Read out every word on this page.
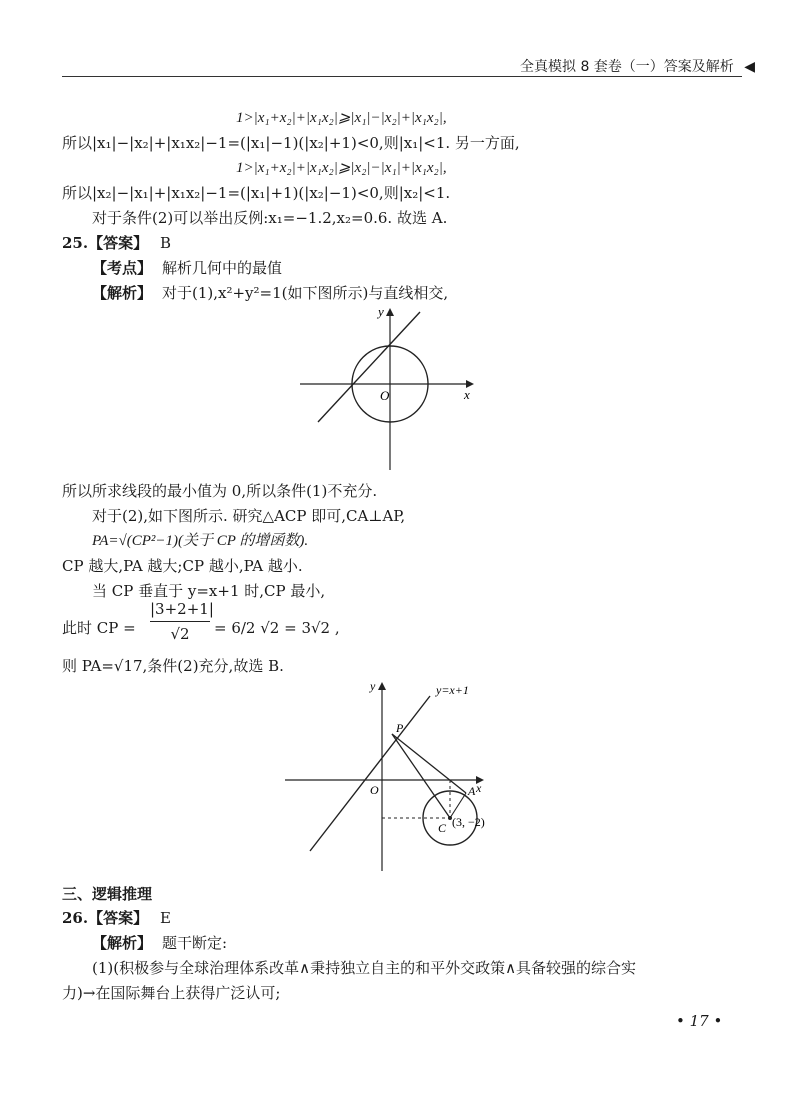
全真模拟 8 套卷（一）答案及解析 ◀
1>|x₁+x₂|+|x₁x₂|⩾|x₁|−|x₂|+|x₁x₂|,
所以|x₁|−|x₂|+|x₁x₂|−1=(|x₁|−1)(|x₂|+1)<0,则|x₁|<1. 另一方面,
1>|x₁+x₂|+|x₁x₂|⩾|x₂|−|x₁|+|x₁x₂|,
所以|x₂|−|x₁|+|x₁x₂|−1=(|x₁|+1)(|x₂|−1)<0,则|x₂|<1.
对于条件(2)可以举出反例:x₁=−1.2,x₂=0.6. 故选 A.
25.【答案】 B
【考点】 解析几何中的最值
【解析】 对于(1),x²+y²=1(如下图所示)与直线相交,
x
y
O
所以所求线段的最小值为 0,所以条件(1)不充分.
对于(2),如下图所示. 研究△ACP 即可,CA⊥AP,
PA=√(CP²−1)(关于 CP 的增函数).
CP 越大,PA 越大;CP 越小,PA 越小.
当 CP 垂直于 y=x+1 时,CP 最小,
此时 CP =
|3+2+1|
√2	= 6/2 √2 = 3√2 ,
则 PA=√17,条件(2)充分,故选 B.
x
y
O
y=x+1
P
A
C (3, −2)
三、逻辑推理
26.【答案】 E
【解析】 题干断定:
(1)(积极参与全球治理体系改革∧秉持独立自主的和平外交政策∧具备较强的综合实
力)→在国际舞台上获得广泛认可;
• 17 •
